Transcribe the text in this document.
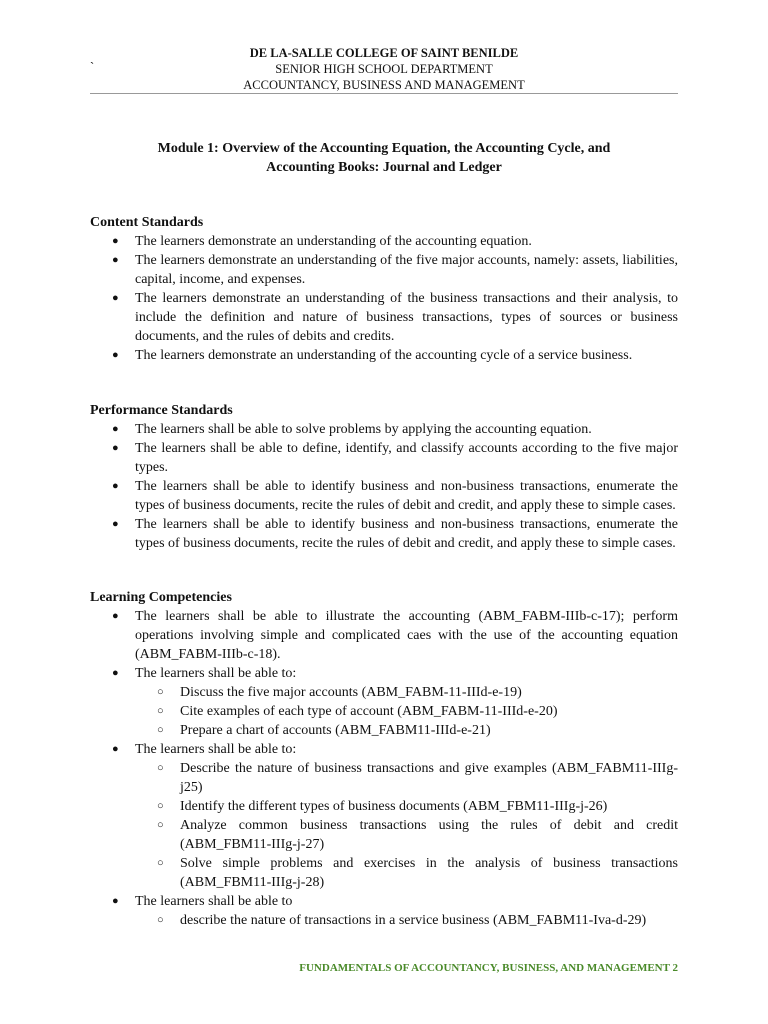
DE LA-SALLE COLLEGE OF SAINT BENILDE
SENIOR HIGH SCHOOL DEPARTMENT
ACCOUNTANCY, BUSINESS AND MANAGEMENT
`
Module 1: Overview of the Accounting Equation, the Accounting Cycle, and
Accounting Books: Journal and Ledger
Content Standards
● The learners demonstrate an understanding of the accounting equation.
● The learners demonstrate an understanding of the five major accounts, namely: assets, liabilities, capital, income, and expenses.
● The learners demonstrate an understanding of the business transactions and their analysis, to include the definition and nature of business transactions, types of sources or business documents, and the rules of debits and credits.
● The learners demonstrate an understanding of the accounting cycle of a service business.
Performance Standards
● The learners shall be able to solve problems by applying the accounting equation.
● The learners shall be able to define, identify, and classify accounts according to the five major types.
● The learners shall be able to identify business and non-business transactions, enumerate the types of business documents, recite the rules of debit and credit, and apply these to simple cases.
● The learners shall be able to identify business and non-business transactions, enumerate the types of business documents, recite the rules of debit and credit, and apply these to simple cases.
Learning Competencies
● The learners shall be able to illustrate the accounting (ABM_FABM-IIIb-c-17); perform operations involving simple and complicated caes with the use of the accounting equation (ABM_FABM-IIIb-c-18).
● The learners shall be able to:
○ Discuss the five major accounts (ABM_FABM-11-IIId-e-19)
○ Cite examples of each type of account (ABM_FABM-11-IIId-e-20)
○ Prepare a chart of accounts (ABM_FABM11-IIId-e-21)
● The learners shall be able to:
○ Describe the nature of business transactions and give examples (ABM_FABM11-IIIg-j25)
○ Identify the different types of business documents (ABM_FBM11-IIIg-j-26)
○ Analyze common business transactions using the rules of debit and credit (ABM_FBM11-IIIg-j-27)
○ Solve simple problems and exercises in the analysis of business transactions (ABM_FBM11-IIIg-j-28)
● The learners shall be able to
○ describe the nature of transactions in a service business (ABM_FABM11-Iva-d-29)
FUNDAMENTALS OF ACCOUNTANCY, BUSINESS, AND MANAGEMENT 2
